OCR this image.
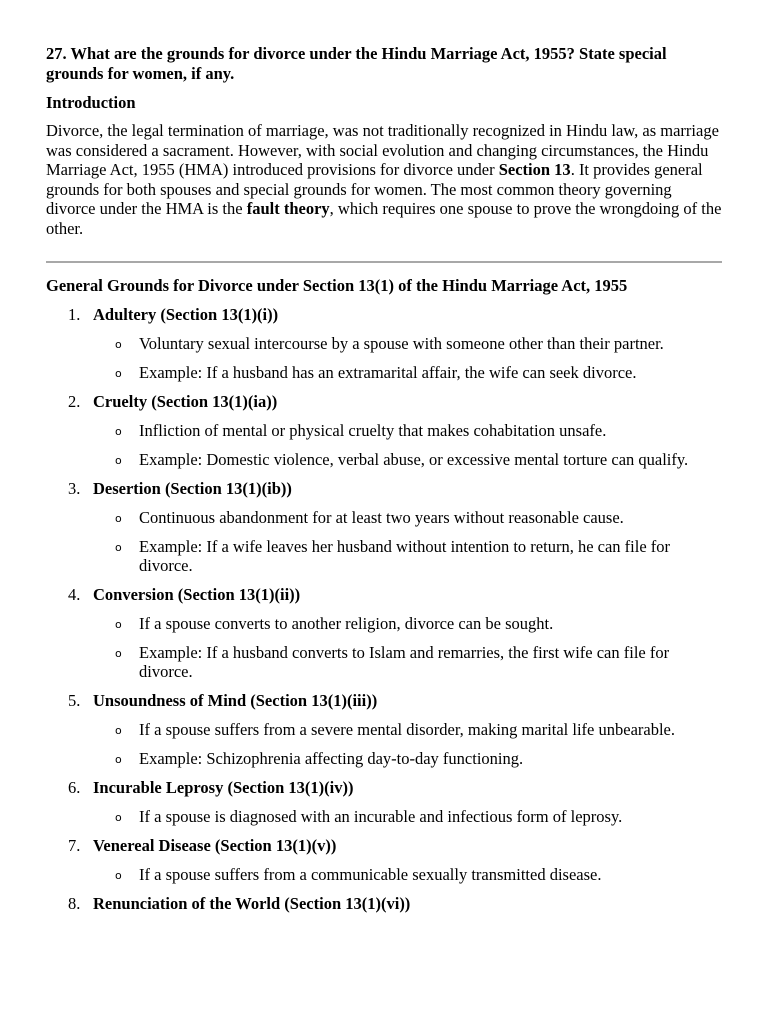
27. What are the grounds for divorce under the Hindu Marriage Act, 1955? State special grounds for women, if any.

Introduction

Divorce, the legal termination of marriage, was not traditionally recognized in Hindu law, as marriage was considered a sacrament. However, with social evolution and changing circumstances, the Hindu Marriage Act, 1955 (HMA) introduced provisions for divorce under Section 13. It provides general grounds for both spouses and special grounds for women. The most common theory governing divorce under the HMA is the fault theory, which requires one spouse to prove the wrongdoing of the other.

General Grounds for Divorce under Section 13(1) of the Hindu Marriage Act, 1955

1. Adultery (Section 13(1)(i))
o Voluntary sexual intercourse by a spouse with someone other than their partner.
o Example: If a husband has an extramarital affair, the wife can seek divorce.
2. Cruelty (Section 13(1)(ia))
o Infliction of mental or physical cruelty that makes cohabitation unsafe.
o Example: Domestic violence, verbal abuse, or excessive mental torture can qualify.
3. Desertion (Section 13(1)(ib))
o Continuous abandonment for at least two years without reasonable cause.
o Example: If a wife leaves her husband without intention to return, he can file for divorce.
4. Conversion (Section 13(1)(ii))
o If a spouse converts to another religion, divorce can be sought.
o Example: If a husband converts to Islam and remarries, the first wife can file for divorce.
5. Unsoundness of Mind (Section 13(1)(iii))
o If a spouse suffers from a severe mental disorder, making marital life unbearable.
o Example: Schizophrenia affecting day-to-day functioning.
6. Incurable Leprosy (Section 13(1)(iv))
o If a spouse is diagnosed with an incurable and infectious form of leprosy.
7. Venereal Disease (Section 13(1)(v))
o If a spouse suffers from a communicable sexually transmitted disease.
8. Renunciation of the World (Section 13(1)(vi))
